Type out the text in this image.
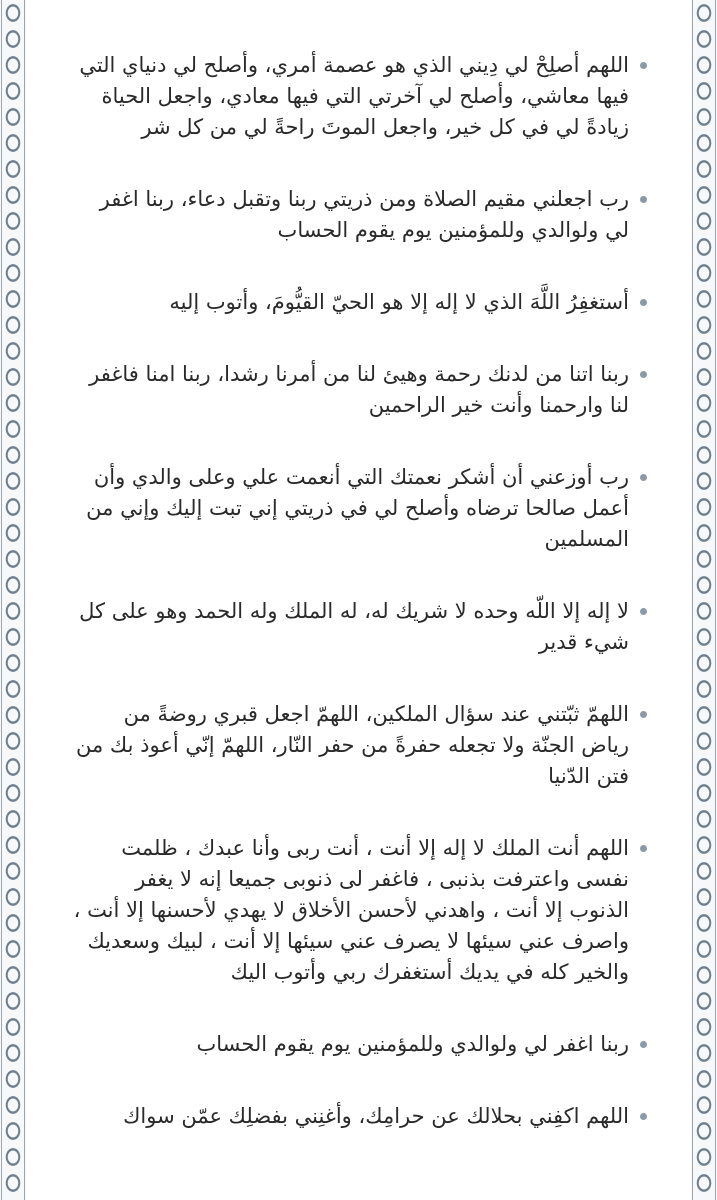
اللهم أصلِحْ لي دِيني الذي هو عصمة أمري، وأصلح لي دنياي التي فيها معاشي، وأصلح لي آخرتي التي فيها معادي، واجعل الحياة زيادةً لي في كل خير، واجعل الموتَ راحةً لي من كل شر

رب اجعلني مقيم الصلاة ومن ذريتي ربنا وتقبل دعاء، ربنا اغفر لي ولوالدي وللمؤمنين يوم يقوم الحساب

أستغفِرُ اللَّهَ الذي لا إله إلا هو الحيّ القيُّومَ، وأتوب إليه

ربنا اتنا من لدنك رحمة وهيئ لنا من أمرنا رشدا، ربنا امنا فاغفر لنا وارحمنا وأنت خير الراحمين

رب أوزعني أن أشكر نعمتك التي أنعمت علي وعلى والدي وأن أعمل صالحا ترضاه وأصلح لي في ذريتي إني تبت إليك وإني من المسلمين

لا إله إلا اللّه وحده لا شريك له، له الملك وله الحمد وهو على كل شيء قدير

اللهمّ ثبّتني عند سؤال الملكين، اللهمّ اجعل قبري روضةً من رياض الجنّة ولا تجعله حفرةً من حفر النّار، اللهمّ إنّي أعوذ بك من فتن الدّنيا

اللهم أنت الملك لا إله إلا أنت ، أنت ربى وأنا عبدك ، ظلمت نفسى واعترفت بذنبى ، فاغفر لى ذنوبى جميعا إنه لا يغفر الذنوب إلا أنت ، واهدني لأحسن الأخلاق لا يهدي لأحسنها إلا أنت ، واصرف عني سيئها لا يصرف عني سيئها إلا أنت ، لبيك وسعديك والخير كله في يديك أستغفرك ربي وأتوب اليك

ربنا اغفر لي ولوالدي وللمؤمنين يوم يقوم الحساب

اللهم اكفِني بحلالك عن حرامِك، وأغنِني بفضلِك عمّن سواك
